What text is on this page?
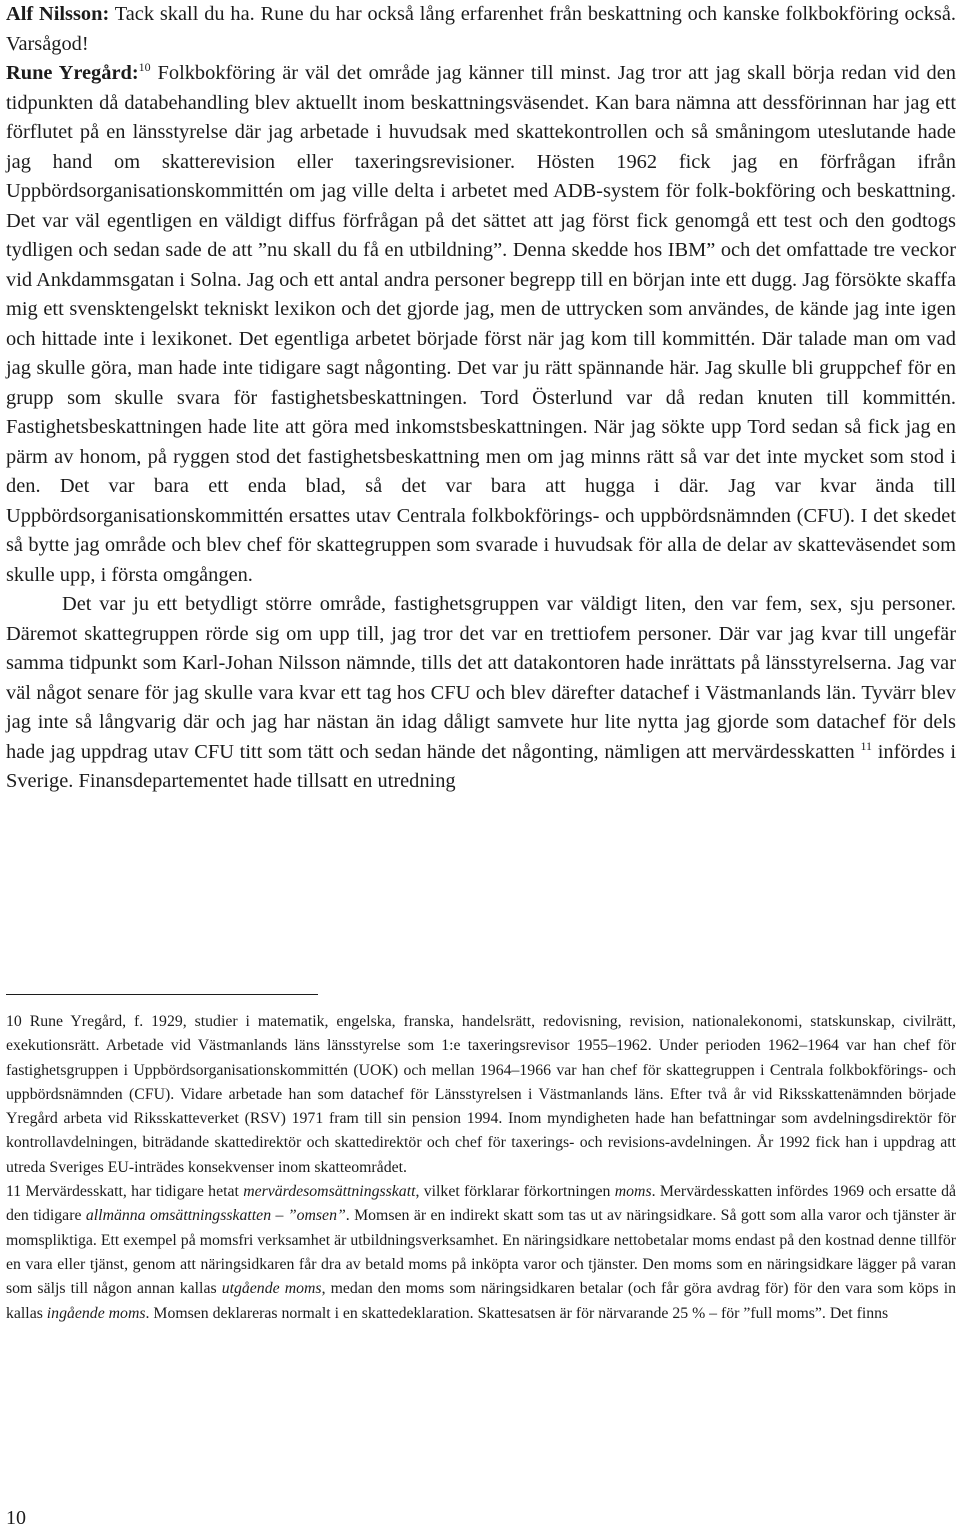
Alf Nilsson: Tack skall du ha. Rune du har också lång erfarenhet från beskattning och kanske folkbokföring också. Varsågod!

Rune Yregård:$^{10}$ Folkbokföring är väl det område jag känner till minst. Jag tror att jag skall börja redan vid den tidpunkten då databehandling blev aktuellt inom beskattningsväsendet. Kan bara nämna att dessförinnan har jag ett förflutet på en länsstyrelse där jag arbetade i huvudsak med skattekontrollen och så småningom uteslutande hade jag hand om skatterevision eller taxeringsrevisioner. Hösten 1962 fick jag en förfrågan ifrån Uppbördsorganisationskommittén om jag ville delta i arbetet med ADB-system för folk-bokföring och beskattning. Det var väl egentligen en väldigt diffus förfrågan på det sättet att jag först fick genomgå ett test och den godtogs tydligen och sedan sade de att ”nu skall du få en utbildning”. Denna skedde hos IBM” och det omfattade tre veckor vid Ankdammsgatan i Solna. Jag och ett antal andra personer begrepp till en början inte ett dugg. Jag försökte skaffa mig ett svensktengelskt tekniskt lexikon och det gjorde jag, men de uttrycken som användes, de kände jag inte igen och hittade inte i lexikonet. Det egentliga arbetet började först när jag kom till kommittén. Där talade man om vad jag skulle göra, man hade inte tidigare sagt någonting. Det var ju rätt spännande här. Jag skulle bli gruppchef för en grupp som skulle svara för fastighetsbeskattningen. Tord Österlund var då redan knuten till kommittén. Fastighetsbeskattningen hade lite att göra med inkomstsbeskattningen. När jag sökte upp Tord sedan så fick jag en pärm av honom, på ryggen stod det fastighetsbeskattning men om jag minns rätt så var det inte mycket som stod i den. Det var bara ett enda blad, så det var bara att hugga i där. Jag var kvar ända till Uppbördsorganisationskommittén ersattes utav Centrala folkbokförings- och uppbördsnämnden (CFU). I det skedet så bytte jag område och blev chef för skattegruppen som svarade i huvudsak för alla de delar av skatteväsendet som skulle upp, i första omgången.

Det var ju ett betydligt större område, fastighetsgruppen var väldigt liten, den var fem, sex, sju personer. Däremot skattegruppen rörde sig om upp till, jag tror det var en trettiofem personer. Där var jag kvar till ungefär samma tidpunkt som Karl-Johan Nilsson nämnde, tills det att datakontoren hade inrättats på länsstyrelserna. Jag var väl något senare för jag skulle vara kvar ett tag hos CFU och blev därefter datachef i Västmanlands län. Tyvärr blev jag inte så långvarig där och jag har nästan än idag dåligt samvete hur lite nytta jag gjorde som datachef för dels hade jag uppdrag utav CFU titt som tätt och sedan hände det någonting, nämligen att mervärdesskatten $^{11}$ infördes i Sverige. Finansdepartementet hade tillsatt en utredning

10 Rune Yregård, f. 1929, studier i matematik, engelska, franska, handelsrätt, redovisning, revision, nationalekonomi, statskunskap, civilrätt, exekutionsrätt. Arbetade vid Västmanlands läns länsstyrelse som 1:e taxeringsrevisor 1955–1962. Under perioden 1962–1964 var han chef för fastighetsgruppen i Uppbördsorganisationskommittén (UOK) och mellan 1964–1966 var han chef för skattegruppen i Centrala folkbokförings- och uppbördsnämnden (CFU). Vidare arbetade han som datachef för Länsstyrelsen i Västmanlands läns. Efter två år vid Riksskattenämnden började Yregård arbeta vid Riksskatteverket (RSV) 1971 fram till sin pension 1994. Inom myndigheten hade han befattningar som avdelningsdirektör för kontrollavdelningen, biträdande skattedirektör och skattedirektör och chef för taxerings- och revisions-avdelningen. År 1992 fick han i uppdrag att utreda Sveriges EU-inträdes konsekvenser inom skatteområdet.

11 Mervärdesskatt, har tidigare hetat mervärdesomsättningsskatt, vilket förklarar förkortningen moms. Mervärdesskatten infördes 1969 och ersatte då den tidigare allmänna omsättningsskatten – ”omsen”. Momsen är en indirekt skatt som tas ut av näringsidkare. Så gott som alla varor och tjänster är momspliktiga. Ett exempel på momsfri verksamhet är utbildningsverksamhet. En näringsidkare nettobetalar moms endast på den kostnad denne tillför en vara eller tjänst, genom att näringsidkaren får dra av betald moms på inköpta varor och tjänster. Den moms som en näringsidkare lägger på varan som säljs till någon annan kallas utgående moms, medan den moms som näringsidkaren betalar (och får göra avdrag för) för den vara som köps in kallas ingående moms. Momsen deklareras normalt i en skattedeklaration. Skattesatsen är för närvarande 25 % – för ”full moms”. Det finns

10
